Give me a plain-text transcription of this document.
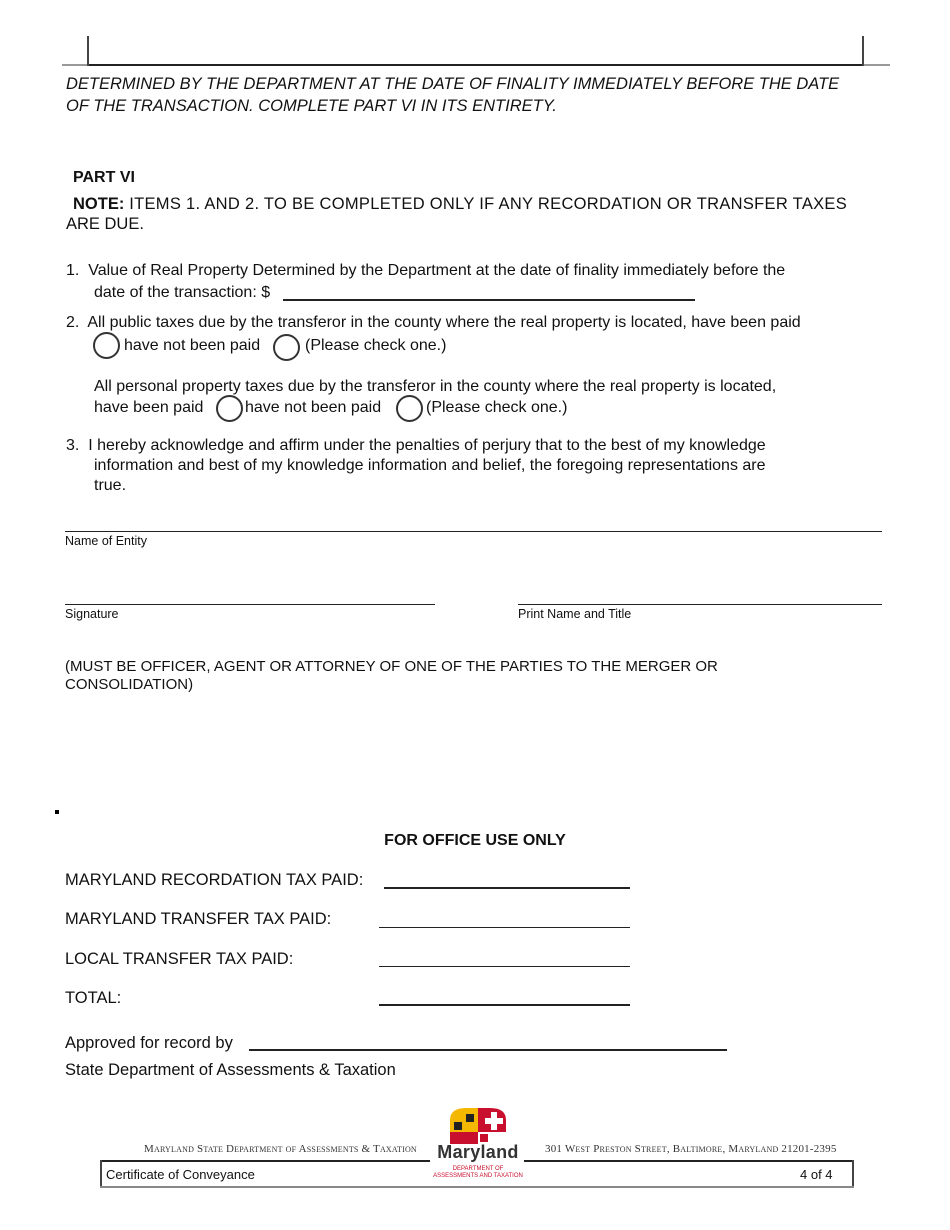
DETERMINED BY THE DEPARTMENT AT THE DATE OF FINALITY IMMEDIATELY BEFORE THE DATE
OF THE TRANSACTION. COMPLETE PART VI IN ITS ENTIRETY.
PART VI
NOTE: ITEMS 1. AND 2. TO BE COMPLETED ONLY IF ANY RECORDATION OR TRANSFER TAXES
ARE DUE.
1.  Value of Real Property Determined by the Department at the date of finality immediately before the
date of the transaction: $
2.  All public taxes due by the transferor in the county where the real property is located, have been paid
have not been paid	(Please check one.)
All personal property taxes due by the transferor in the county where the real property is located,
have been paid	have not been paid	(Please check one.)
3.  I hereby acknowledge and affirm under the penalties of perjury that to the best of my knowledge
information and best of my knowledge information and belief, the foregoing representations are
true.
Name of Entity
Signature	Print Name and Title
(MUST BE OFFICER, AGENT OR ATTORNEY OF ONE OF THE PARTIES TO THE MERGER OR
CONSOLIDATION)
FOR OFFICE USE ONLY
MARYLAND RECORDATION TAX PAID:
MARYLAND TRANSFER TAX PAID:
LOCAL TRANSFER TAX PAID:
TOTAL:
Approved for record by
State Department of Assessments & Taxation
Maryland State Department of Assessments & Taxation	301 West Preston Street, Baltimore, Maryland 21201-2395
Maryland
DEPARTMENT OF
ASSESSMENTS AND TAXATION
Certificate of Conveyance	4 of 4
